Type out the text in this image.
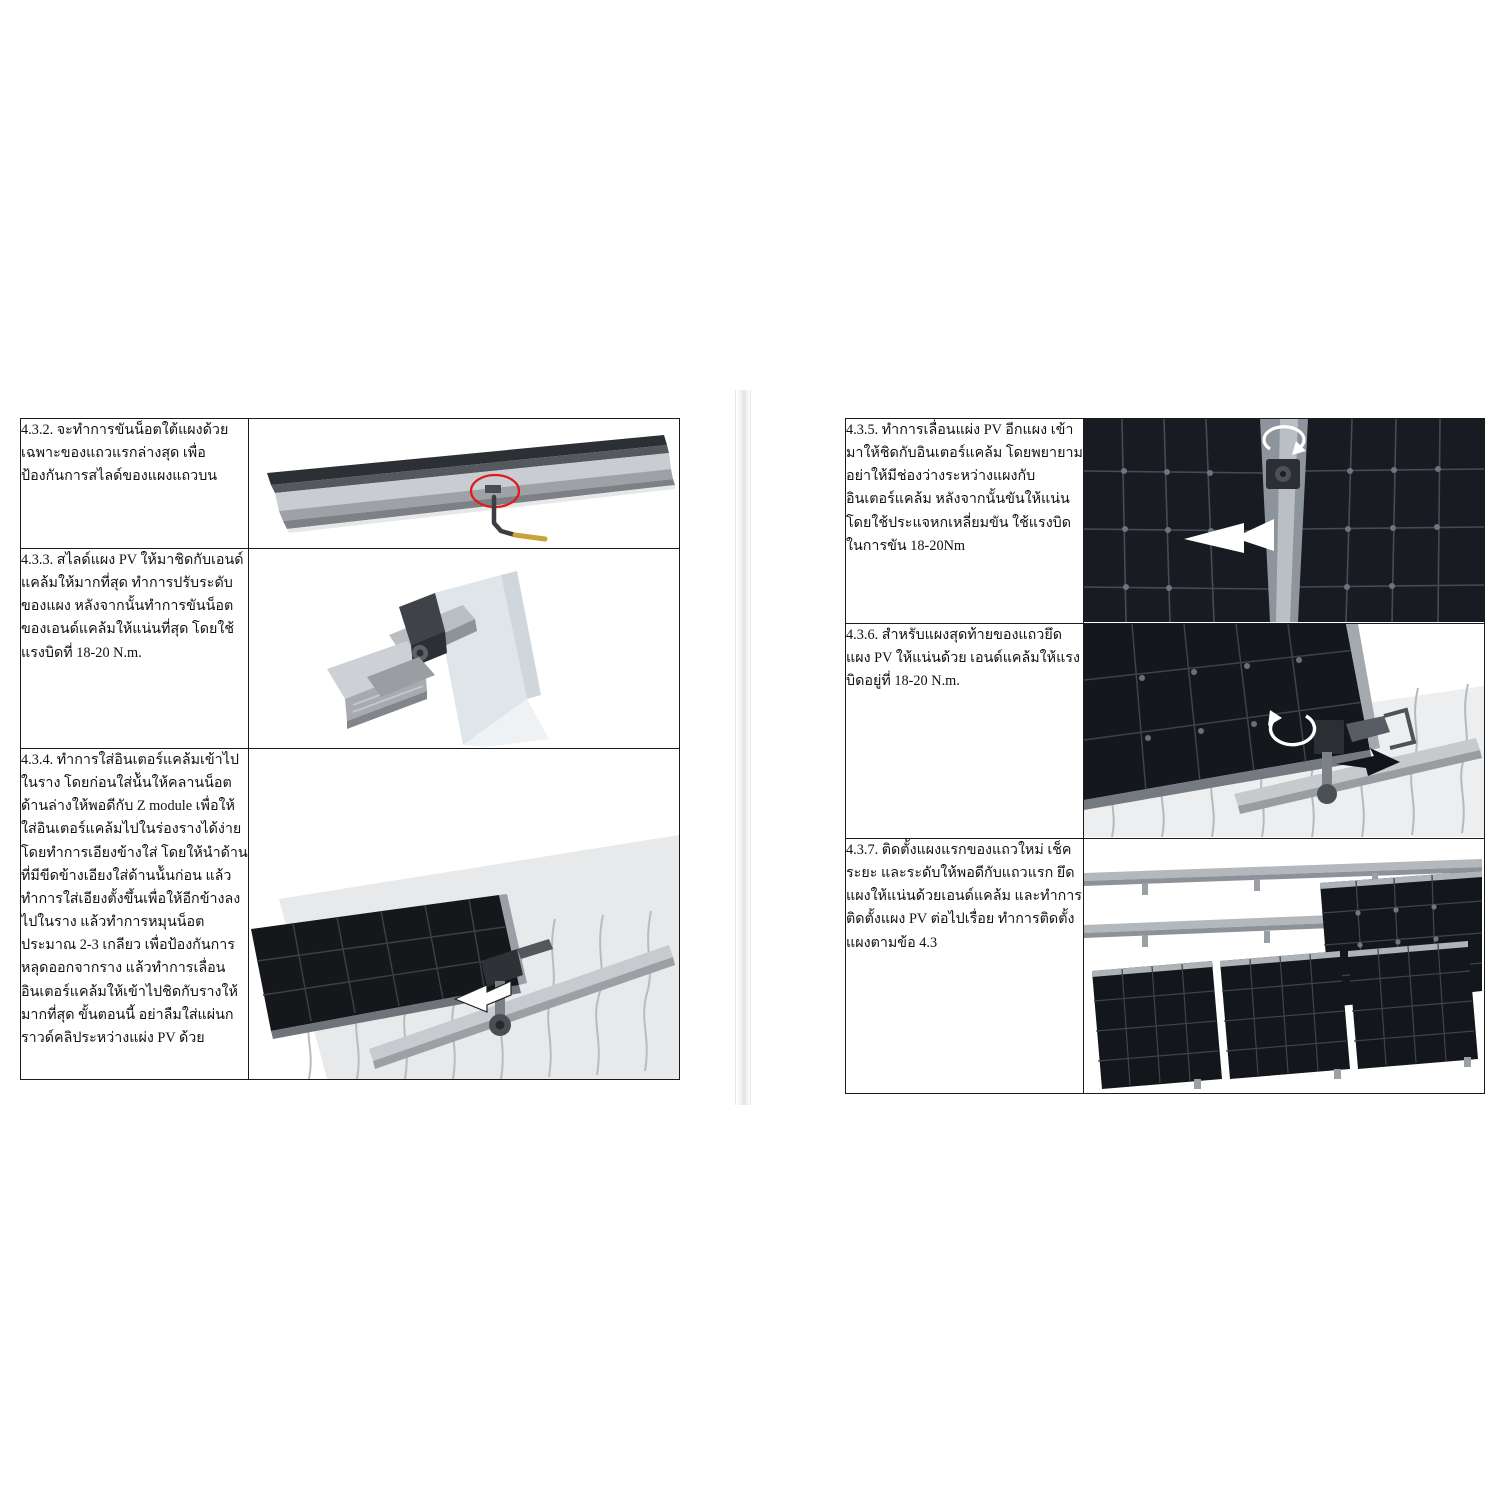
4.3.2. จะทำการขันน็อตใต้แผงด้วยเฉพาะของแถวแรกล่างสุด เพื่อป้องกันการสไลด์ของแผงแถวบน	

4.3.3. สไลด์แผง PV ให้มาชิดกับเอนด์แคล้มให้มากที่สุด ทำการปรับระดับของแผง หลังจากนั้นทำการขันน็อตของเอนด์แคล้มให้แน่นที่สุด โดยใช้แรงบิดที่ 18-20 N.m.	

4.3.4. ทำการใส่อินเตอร์แคล้มเข้าไปในราง โดยก่อนใส่น้ันให้คลานน็อตด้านล่างให้พอดีกับ Z module เพื่อให้ใส่อินเตอร์แคล้มไปในร่องรางได้ง่าย โดยทำการเอียงข้างใส่ โดยให้นำด้านที่มีขีดข้างเอียงใส่ด้านน้ันก่อน แล้วทำการใส่เอียงตั้งขึ้นเพื่อให้อีกข้างลงไปในราง แล้วทำการหมุนน็อตประมาณ 2-3 เกลียว เพื่อป้องกันการหลุดออกจากราง แล้วทำการเลื่อนอินเตอร์แคล้มให้เข้าไปชิดกับรางให้มากที่สุด ขั้นตอนนี้ อย่าลืมใส่แผ่นกราวด์คลิประหว่างแผ่ง PV ด้วย	
4.3.5. ทำการเลื่อนแผ่ง PV อีกแผง เข้ามาให้ชิดกับอินเตอร์แคล้ม โดยพยายามอย่าให้มีช่องว่างระหว่างแผงกับอินเตอร์แคล้ม หลังจากนั้นขันให้แน่นโดยใช้ประแจหกเหลี่ยมขัน ใช้แรงบิดในการขัน 18-20Nm	

4.3.6. สำหรับแผงสุดท้ายของแถวยึดแผง PV ให้แน่นด้วย เอนด์แคล้มให้แรงบิดอยู่ที่ 18-20 N.m.	

4.3.7. ติดตั้งแผงแรกของแถวใหม่ เช็คระยะ และระดับให้พอดีกับแถวแรก ยึดแผงให้แน่นด้วยเอนด์แคล้ม และทำการติดตั้งแผง PV ต่อไปเรื่อย ทำการติดตั้งแผงตามข้อ 4.3	
